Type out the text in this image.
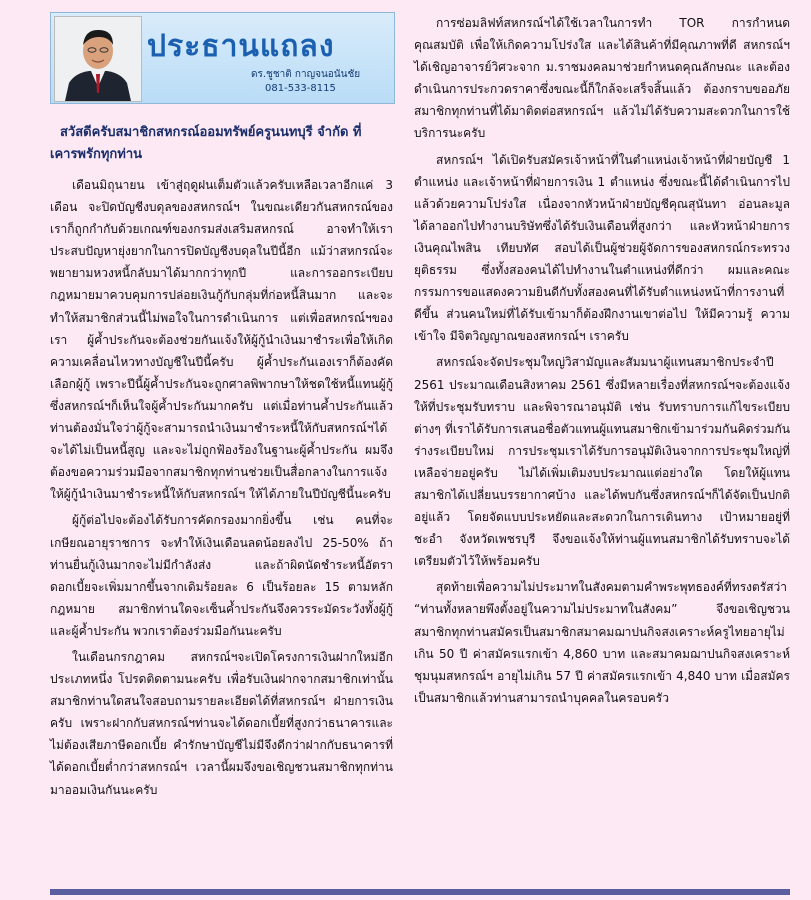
ประธานแถลง
ดร.ชูชาติ กาญจนอนันชัย
081-533-8115
สวัสดีครับสมาชิกสหกรณ์ออมทรัพย์ครูนนทบุรี จำกัด ที่เคารพรักทุกท่าน

เดือนมิถุนายน เข้าสู่ฤดูฝนเต็มตัวแล้วครับเหลือเวลาอีกแค่ 3 เดือน จะปิดบัญชีงบดุลของสหกรณ์ฯ ในขณะเดียวกันสหกรณ์ของเราก็ถูกกำกับด้วยเกณฑ์ของกรมส่งเสริมสหกรณ์ อาจทำให้เราประสบปัญหายุ่งยากในการปิดบัญชีงบดุลในปีนี้อีก แม้ว่าสหกรณ์จะพยายามหวงหนี้กลับมาได้มากกว่าทุกปี และการออกระเบียบกฎหมายมาควบคุมการปล่อยเงินกู้กับกลุ่มที่ก่อหนี้สินมาก และจะทำให้สมาชิกส่วนนี้ไม่พอใจในการดำเนินการ แต่เพื่อสหกรณ์ฯของเรา ผู้ค้ำประกันจะต้องช่วยกันแจ้งให้ผู้กู้นำเงินมาชำระเพื่อให้เกิดความเคลื่อนไหวทางบัญชีในปีนี้ครับ ผู้ค้ำประกันเองเราก็ต้องคัดเลือกผู้กู้ เพราะปีนี้ผู้ค้ำประกันจะถูกศาลพิพากษาให้ชดใช้หนี้แทนผู้กู้ ซึ่งสหกรณ์ฯก็เห็นใจผู้ค้ำประกันมากครับ แต่เมื่อท่านค้ำประกันแล้วท่านต้องมั่นใจว่าผู้กู้จะสามารถนำเงินมาชำระหนี้ให้กับสหกรณ์ฯได้ จะได้ไม่เป็นหนี้สูญ และจะไม่ถูกฟ้องร้องในฐานะผู้ค้ำประกัน ผมจึงต้องขอความร่วมมือจากสมาชิกทุกท่านช่วยเป็นสื่อกลางในการแจ้งให้ผู้กู้นำเงินมาชำระหนี้ให้กับสหกรณ์ฯ ให้ได้ภายในปีบัญชีนี้นะครับ

ผู้กู้ต่อไปจะต้องได้รับการคัดกรองมากยิ่งขึ้น เช่น คนที่จะเกษียณอายุราชการ จะทำให้เงินเดือนลดน้อยลงไป 25-50% ถ้าท่านยื่นกู้เงินมากจะไม่มีกำลังส่ง และถ้าผิดนัดชำระหนี้อัตราดอกเบี้ยจะเพิ่มมากขึ้นจากเดิมร้อยละ 6 เป็นร้อยละ 15 ตามหลักกฎหมาย สมาชิกท่านใดจะเซ็นค้ำประกันจึงควรระมัดระวังทั้งผู้กู้ และผู้ค้ำประกัน พวกเราต้องร่วมมือกันนะครับ

ในเดือนกรกฎาคม สหกรณ์ฯจะเปิดโครงการเงินฝากใหม่อีกประเภทหนึ่ง โปรดติดตามนะครับ เพื่อรับเงินฝากจากสมาชิกเท่านั้น สมาชิกท่านใดสนใจสอบถามรายละเอียดได้ที่สหกรณ์ฯ ฝ่ายการเงินครับ เพราะฝากกับสหกรณ์ฯท่านจะได้ดอกเบี้ยที่สูงกว่าธนาคารและไม่ต้องเสียภาษีดอกเบี้ย คำรักษาบัญชีไม่มีจึงดีกว่าฝากกับธนาคารที่ได้ดอกเบี้ยต่ำกว่าสหกรณ์ฯ เวลานี้ผมจึงขอเชิญชวนสมาชิกทุกท่านมาออมเงินกันนะครับ

การซ่อมลิฟท์สหกรณ์ฯได้ใช้เวลาในการทำ TOR การกำหนดคุณสมบัติ เพื่อให้เกิดความโปร่งใส และได้สินค้าที่มีคุณภาพที่ดี สหกรณ์ฯได้เชิญอาจารย์วิศวะจาก ม.ราชมงคลมาช่วยกำหนดคุณลักษณะ และต้องดำเนินการประกวดราคาซึ่งขณะนี้ก็ใกล้จะเสร็จสิ้นแล้ว ต้องกราบขออภัยสมาชิกทุกท่านที่ได้มาติดต่อสหกรณ์ฯ แล้วไม่ได้รับความสะดวกในการใช้บริการนะครับ

สหกรณ์ฯ ได้เปิดรับสมัครเจ้าหน้าที่ในตำแหน่งเจ้าหน้าที่ฝ่ายบัญชี 1 ตำแหน่ง และเจ้าหน้าที่ฝ่ายการเงิน 1 ตำแหน่ง ซึ่งขณะนี้ได้ดำเนินการไปแล้วด้วยความโปร่งใส เนื่องจากหัวหน้าฝ่ายบัญชีคุณสุนันทา อ่อนละมูล ได้ลาออกไปทำงานบริษัทซึ่งได้รับเงินเดือนที่สูงกว่า และหัวหน้าฝ่ายการเงินคุณไพสิน เทียบทัศ สอบได้เป็นผู้ช่วยผู้จัดการของสหกรณ์กระทรวงยุติธรรม ซึ่งทั้งสองคนได้ไปทำงานในตำแหน่งที่ดีกว่า ผมและคณะกรรมการขอแสดงความยินดีกับทั้งสองคนที่ได้รับตำแหน่งหน้าที่การงานที่ดีขึ้น ส่วนคนใหม่ที่ได้รับเข้ามาก็ต้องฝึกงานเขาต่อไป ให้มีความรู้ ความเข้าใจ มีจิตวิญญาณของสหกรณ์ฯ เราครับ

สหกรณ์จะจัดประชุมใหญ่วิสามัญและสัมมนาผู้แทนสมาชิกประจำปี 2561 ประมาณเดือนสิงหาคม 2561 ซึ่งมีหลายเรื่องที่สหกรณ์ฯจะต้องแจ้งให้ที่ประชุมรับทราบ และพิจารณาอนุมัติ เช่น รับทราบการแก้ไขระเบียบต่างๆ ที่เราได้รับการเสนอชื่อตัวแทนผู้แทนสมาชิกเข้ามาร่วมกันคิดร่วมกันร่างระเบียบใหม่ การประชุมเราได้รับการอนุมัติเงินจากการประชุมใหญ่ที่เหลือจ่ายอยู่ครับ ไม่ได้เพิ่มเติมงบประมาณแต่อย่างใด โดยให้ผู้แทนสมาชิกได้เปลี่ยนบรรยากาศบ้าง และได้พบกันซึ่งสหกรณ์ฯก็ได้จัดเป็นปกติอยู่แล้ว โดยจัดแบบประหยัดและสะดวกในการเดินทาง เป้าหมายอยู่ที่ชะอำ จังหวัดเพชรบุรี จึงขอแจ้งให้ท่านผู้แทนสมาชิกได้รับทราบจะได้เตรียมตัวไว้ให้พร้อมครับ

สุดท้ายเพื่อความไม่ประมาทในสังคมตามคำพระพุทธองค์ที่ทรงตรัสว่า “ท่านทั้งหลายพึงตั้งอยู่ในความไม่ประมาทในสังคม” จึงขอเชิญชวนสมาชิกทุกท่านสมัครเป็นสมาชิกสมาคมฌาปนกิจสงเคราะห์ครูไทยอายุไม่เกิน 50 ปี ค่าสมัครแรกเข้า 4,860 บาท และสมาคมฌาปนกิจสงเคราะห์ชุมนุมสหกรณ์ฯ อายุไม่เกิน 57 ปี ค่าสมัครแรกเข้า 4,840 บาท เมื่อสมัครเป็นสมาชิกแล้วท่านสามารถนำบุคคลในครอบครัว
